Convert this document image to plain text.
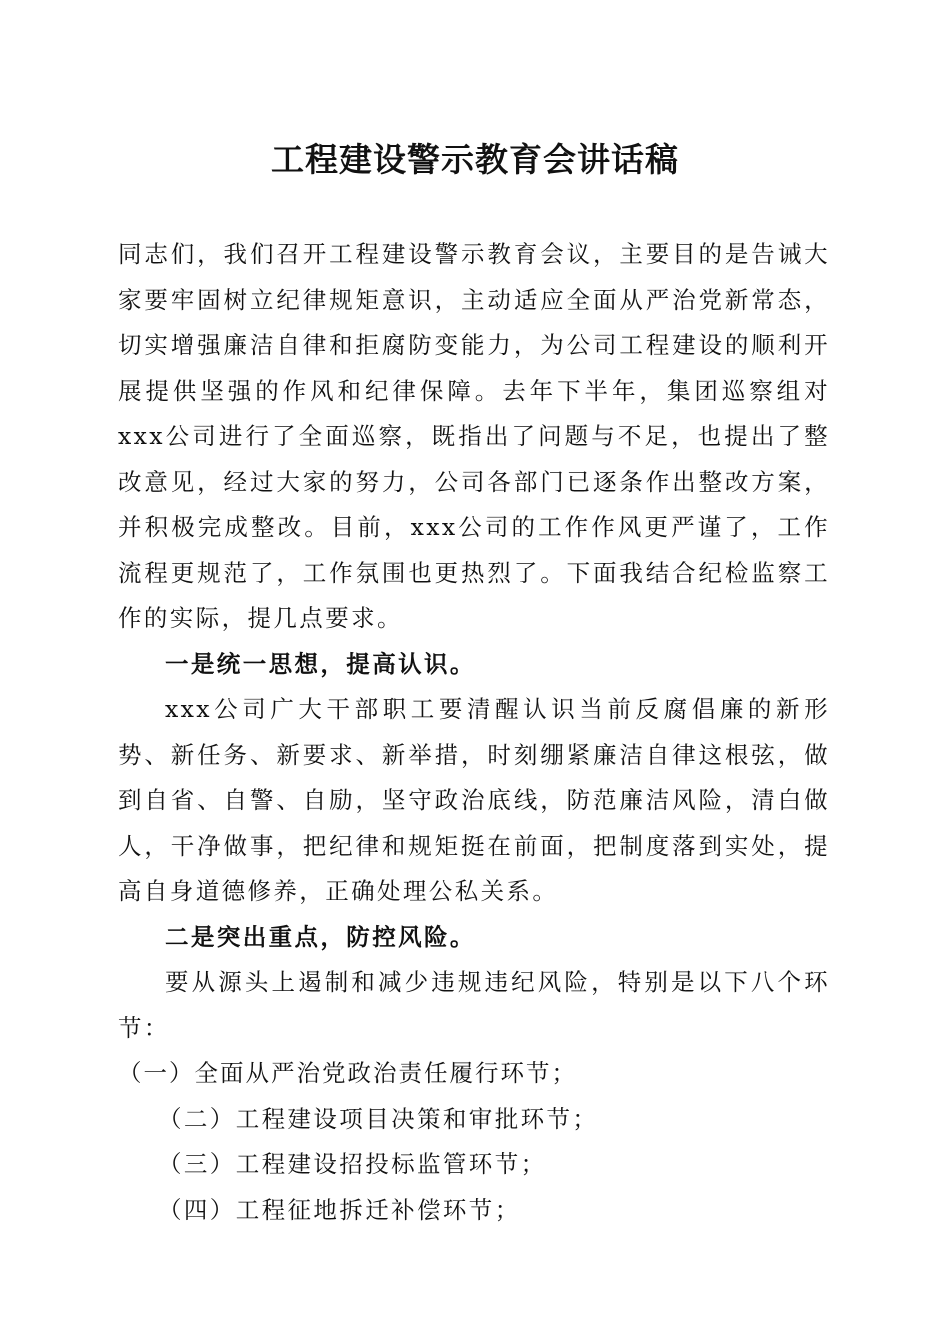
工程建设警示教育会讲话稿

同志们，我们召开工程建设警示教育会议，主要目的是告诫大家要牢固树立纪律规矩意识，主动适应全面从严治党新常态，切实增强廉洁自律和拒腐防变能力，为公司工程建设的顺利开展提供坚强的作风和纪律保障。去年下半年，集团巡察组对xxx公司进行了全面巡察，既指出了问题与不足，也提出了整改意见，经过大家的努力，公司各部门已逐条作出整改方案，并积极完成整改。目前，xxx公司的工作作风更严谨了，工作流程更规范了，工作氛围也更热烈了。下面我结合纪检监察工作的实际，提几点要求。

一是统一思想，提高认识。

xxx公司广大干部职工要清醒认识当前反腐倡廉的新形势、新任务、新要求、新举措，时刻绷紧廉洁自律这根弦，做到自省、自警、自励，坚守政治底线，防范廉洁风险，清白做人，干净做事，把纪律和规矩挺在前面，把制度落到实处，提高自身道德修养，正确处理公私关系。

二是突出重点，防控风险。

要从源头上遏制和减少违规违纪风险，特别是以下八个环节：

（一）全面从严治党政治责任履行环节；

（二）工程建设项目决策和审批环节；

（三）工程建设招投标监管环节；

（四）工程征地拆迁补偿环节；
